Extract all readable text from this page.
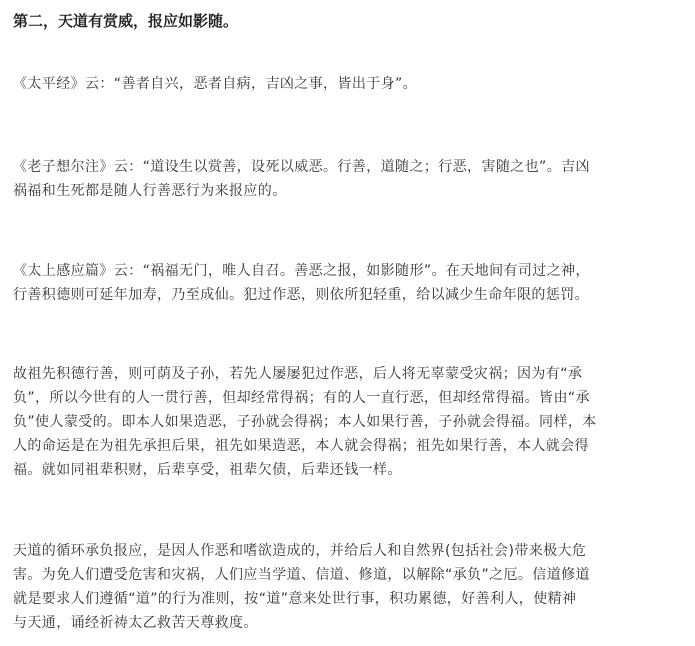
第二，天道有赏威，报应如影随。

《太平经》云：“善者自兴，恶者自病，吉凶之事，皆出于身”。

《老子想尔注》云：“道设生以赏善，设死以威恶。行善，道随之；行恶，害随之也”。吉凶
祸福和生死都是随人行善恶行为来报应的。

《太上感应篇》云：“祸福无门，唯人自召。善恶之报，如影随形”。在天地间有司过之神，
行善积德则可延年加寿，乃至成仙。犯过作恶，则依所犯轻重，给以减少生命年限的惩罚。

故祖先积德行善，则可荫及子孙，若先人屡屡犯过作恶，后人将无辜蒙受灾祸；因为有“承
负”，所以今世有的人一贯行善，但却经常得祸；有的人一直行恶，但却经常得福。皆由“承
负”使人蒙受的。即本人如果造恶，子孙就会得祸；本人如果行善，子孙就会得福。同样，本
人的命运是在为祖先承担后果，祖先如果造恶，本人就会得祸；祖先如果行善，本人就会得
福。就如同祖辈积财，后辈享受，祖辈欠债，后辈还钱一样。

天道的循环承负报应，是因人作恶和嗜欲造成的，并给后人和自然界(包括社会)带来极大危
害。为免人们遭受危害和灾祸，人们应当学道、信道、修道，以解除“承负”之厄。信道修道
就是要求人们遵循“道”的行为准则，按“道”意来处世行事，积功累德，好善利人，使精神
与天通，诵经祈祷太乙救苦天尊救度。
